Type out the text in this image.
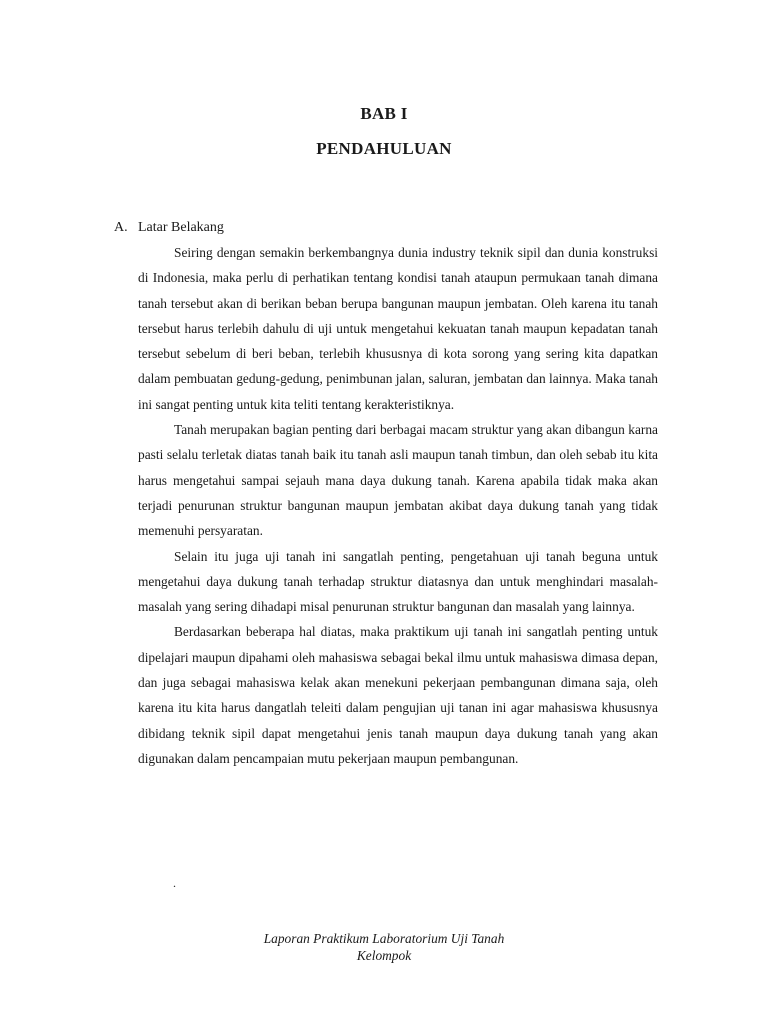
BAB I
PENDAHULUAN
A. Latar Belakang

Seiring dengan semakin berkembangnya dunia industry teknik sipil dan dunia konstruksi di Indonesia, maka perlu di perhatikan tentang kondisi tanah ataupun permukaan tanah dimana tanah tersebut akan di berikan beban berupa bangunan maupun jembatan. Oleh karena itu tanah tersebut harus terlebih dahulu di uji untuk mengetahui kekuatan tanah maupun kepadatan tanah tersebut sebelum di beri beban, terlebih khususnya di kota sorong yang sering kita dapatkan dalam pembuatan gedung-gedung, penimbunan jalan, saluran, jembatan dan lainnya. Maka tanah ini sangat penting untuk kita teliti tentang kerakteristiknya.

Tanah merupakan bagian penting dari berbagai macam struktur yang akan dibangun karna pasti selalu terletak diatas tanah baik itu tanah asli maupun tanah timbun, dan oleh sebab itu kita harus mengetahui sampai sejauh mana daya dukung tanah. Karena apabila tidak maka akan terjadi penurunan struktur bangunan maupun jembatan akibat daya dukung tanah yang tidak memenuhi persyaratan.

Selain itu juga uji tanah ini sangatlah penting, pengetahuan uji tanah beguna untuk mengetahui daya dukung tanah terhadap struktur diatasnya dan untuk menghindari masalah-masalah yang sering dihadapi misal penurunan struktur bangunan dan masalah yang lainnya.

Berdasarkan beberapa hal diatas, maka praktikum uji tanah ini sangatlah penting untuk dipelajari maupun dipahami oleh mahasiswa sebagai bekal ilmu untuk mahasiswa dimasa depan, dan juga sebagai mahasiswa kelak akan menekuni pekerjaan pembangunan dimana saja, oleh karena itu kita harus dangatlah teleiti dalam pengujian uji tanan ini agar mahasiswa khususnya dibidang teknik sipil dapat mengetahui jenis tanah maupun daya dukung tanah yang akan digunakan dalam pencampaian mutu pekerjaan maupun pembangunan.

.
Laporan Praktikum Laboratorium Uji Tanah
Kelompok
